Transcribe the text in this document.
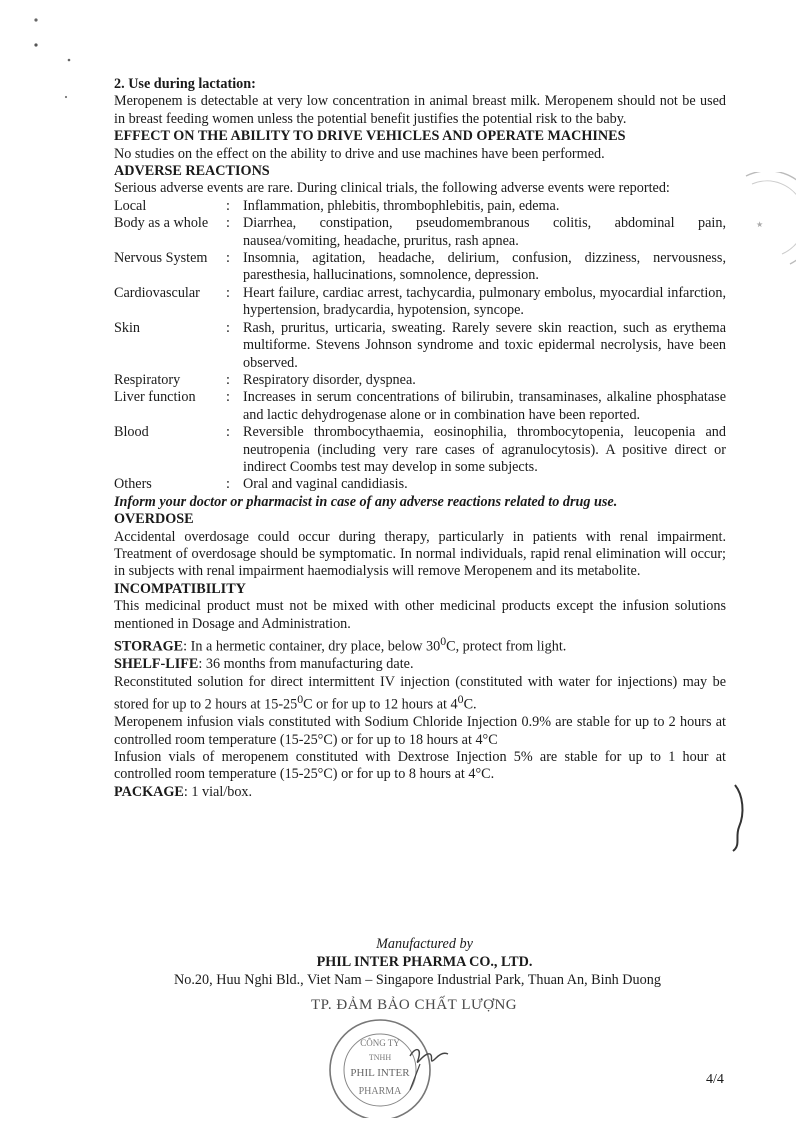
2. Use during lactation:
Meropenem is detectable at very low concentration in animal breast milk. Meropenem should not be used in breast feeding women unless the potential benefit justifies the potential risk to the baby.
EFFECT ON THE ABILITY TO DRIVE VEHICLES AND OPERATE MACHINES
No studies on the effect on the ability to drive and use machines have been performed.
ADVERSE REACTIONS
Serious adverse events are rare. During clinical trials, the following adverse events were reported:
Local	: Inflammation, phlebitis, thrombophlebitis, pain, edema.
Body as a whole	: Diarrhea, constipation, pseudomembranous colitis, abdominal pain, nausea/vomiting, headache, pruritus, rash apnea.
Nervous System	: Insomnia, agitation, headache, delirium, confusion, dizziness, nervousness, paresthesia, hallucinations, somnolence, depression.
Cardiovascular	: Heart failure, cardiac arrest, tachycardia, pulmonary embolus, myocardial infarction, hypertension, bradycardia, hypotension, syncope.
Skin	: Rash, pruritus, urticaria, sweating. Rarely severe skin reaction, such as erythema multiforme. Stevens Johnson syndrome and toxic epidermal necrolysis, have been observed.
Respiratory	: Respiratory disorder, dyspnea.
Liver function	: Increases in serum concentrations of bilirubin, transaminases, alkaline phosphatase and lactic dehydrogenase alone or in combination have been reported.
Blood	: Reversible thrombocythaemia, eosinophilia, thrombocytopenia, leucopenia and neutropenia (including very rare cases of agranulocytosis). A positive direct or indirect Coombs test may develop in some subjects.
Others	: Oral and vaginal candidiasis.
Inform your doctor or pharmacist in case of any adverse reactions related to drug use.
OVERDOSE
Accidental overdosage could occur during therapy, particularly in patients with renal impairment. Treatment of overdosage should be symptomatic. In normal individuals, rapid renal elimination will occur; in subjects with renal impairment haemodialysis will remove Meropenem and its metabolite.
INCOMPATIBILITY
This medicinal product must not be mixed with other medicinal products except the infusion solutions mentioned in Dosage and Administration.
STORAGE: In a hermetic container, dry place, below $30^0C$, protect from light.
SHELF-LIFE: 36 months from manufacturing date.
Reconstituted solution for direct intermittent IV injection (constituted with water for injections) may be stored for up to 2 hours at $15-25^0C$ or for up to 12 hours at $4^0C$.
Meropenem infusion vials constituted with Sodium Chloride Injection 0.9% are stable for up to 2 hours at controlled room temperature (15-25°C) or for up to 18 hours at 4°C
Infusion vials of meropenem constituted with Dextrose Injection 5% are stable for up to 1 hour at controlled room temperature (15-25°C) or for up to 8 hours at 4°C.
PACKAGE: 1 vial/box.
Manufactured by
PHIL INTER PHARMA CO., LTD.
No.20, Huu Nghi Bld., Viet Nam – Singapore Industrial Park, Thuan An, Binh Duong
TP. ĐẢM BẢO CHẤT LƯỢNG
CÔNG TY
TNHH
PHIL INTER
PHARMA
★
4/4
